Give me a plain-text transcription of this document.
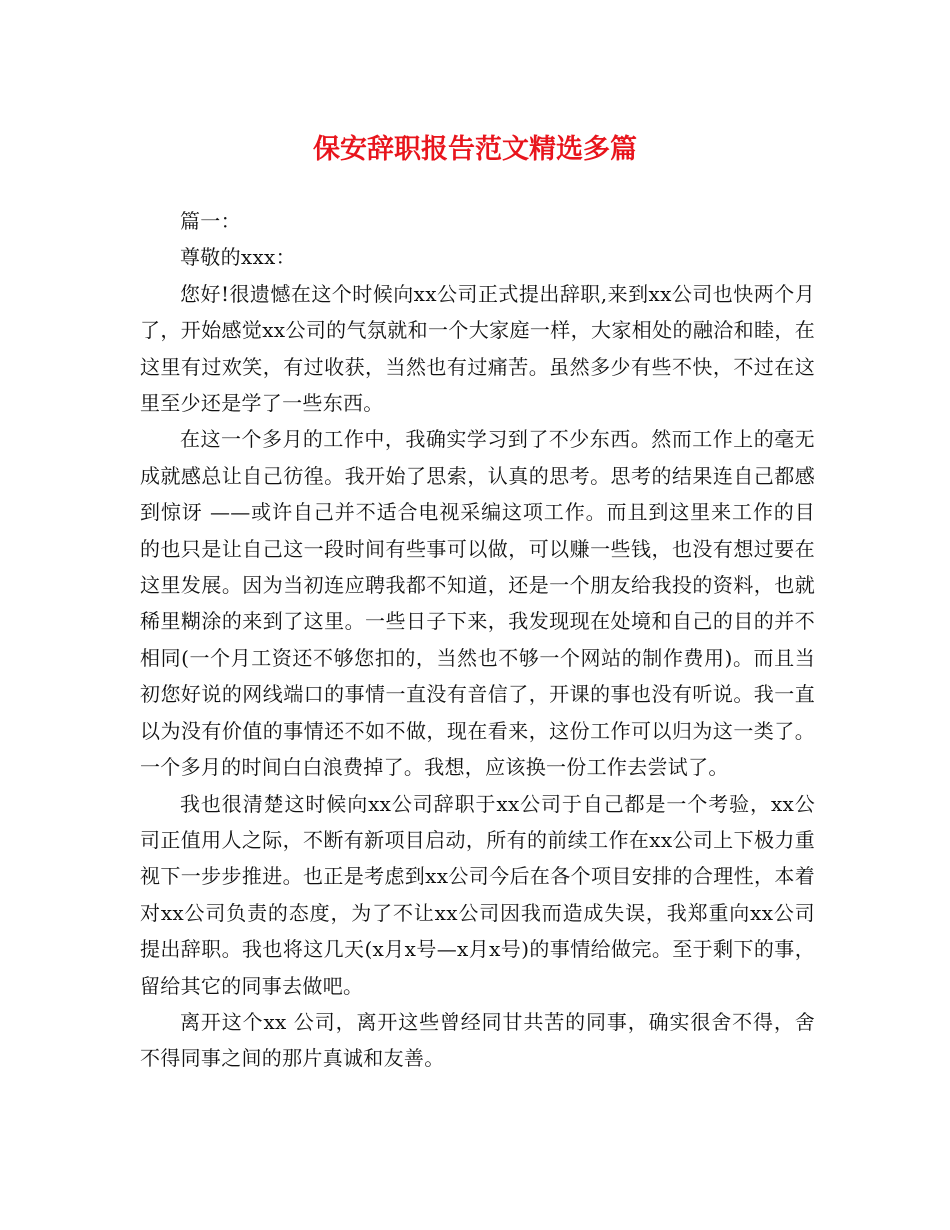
保安辞职报告范文精选多篇

篇一：

尊敬的xxx：

您好!很遗憾在这个时候向xx公司正式提出辞职,来到xx公司也快两个月了，开始感觉xx公司的气氛就和一个大家庭一样，大家相处的融洽和睦，在这里有过欢笑，有过收获，当然也有过痛苦。虽然多少有些不快，不过在这里至少还是学了一些东西。

在这一个多月的工作中，我确实学习到了不少东西。然而工作上的毫无成就感总让自己彷徨。我开始了思索，认真的思考。思考的结果连自己都感到惊讶 ——或许自己并不适合电视采编这项工作。而且到这里来工作的目的也只是让自己这一段时间有些事可以做，可以赚一些钱，也没有想过要在这里发展。因为当初连应聘我都不知道，还是一个朋友给我投的资料，也就稀里糊涂的来到了这里。一些日子下来，我发现现在处境和自己的目的并不相同(一个月工资还不够您扣的，当然也不够一个网站的制作费用)。而且当初您好说的网线端口的事情一直没有音信了，开课的事也没有听说。我一直以为没有价值的事情还不如不做，现在看来，这份工作可以归为这一类了。一个多月的时间白白浪费掉了。我想，应该换一份工作去尝试了。

我也很清楚这时候向xx公司辞职于xx公司于自己都是一个考验，xx公司正值用人之际，不断有新项目启动，所有的前续工作在xx公司上下极力重视下一步步推进。也正是考虑到xx公司今后在各个项目安排的合理性，本着对xx公司负责的态度，为了不让xx公司因我而造成失误，我郑重向xx公司提出辞职。我也将这几天(x月x号—x月x号)的事情给做完。至于剩下的事，留给其它的同事去做吧。

离开这个xx 公司，离开这些曾经同甘共苦的同事，确实很舍不得，舍不得同事之间的那片真诚和友善。
